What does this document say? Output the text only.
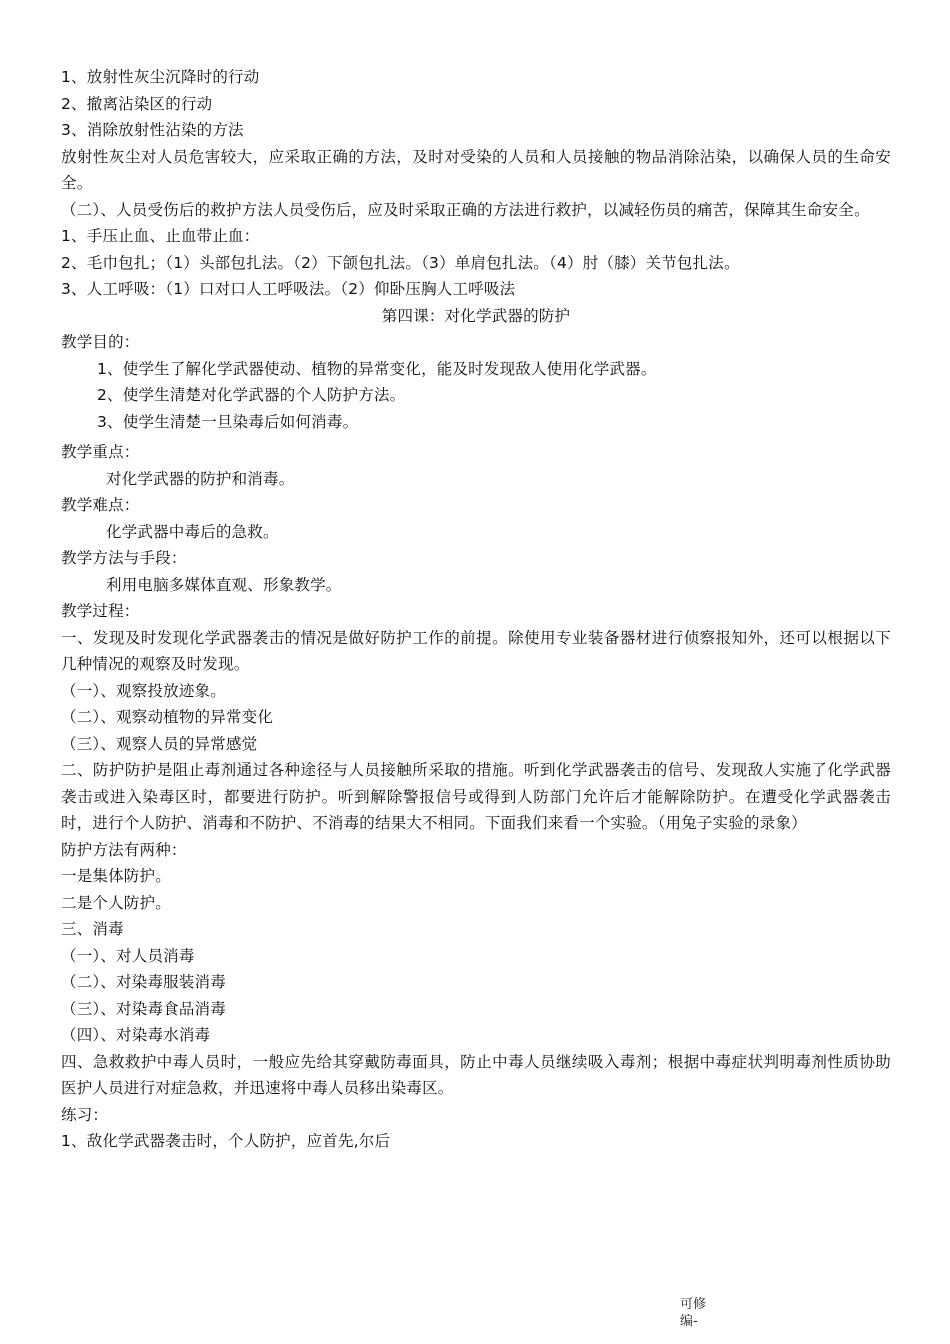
1、放射性灰尘沉降时的行动
2、撤离沾染区的行动
3、消除放射性沾染的方法
放射性灰尘对人员危害较大，应采取正确的方法，及时对受染的人员和人员接触的物品消除沾染，以确保人员的生命安全。
（二）、人员受伤后的救护方法人员受伤后，应及时采取正确的方法进行救护，以减轻伤员的痛苦，保障其生命安全。
1、手压止血、止血带止血：
2、毛巾包扎；（1）头部包扎法。（2）下颌包扎法。（3）单肩包扎法。（4）肘（膝）关节包扎法。
3、人工呼吸：（1）口对口人工呼吸法。（2）仰卧压胸人工呼吸法
第四课：对化学武器的防护
教学目的：
1、使学生了解化学武器使动、植物的异常变化，能及时发现敌人使用化学武器。
2、使学生清楚对化学武器的个人防护方法。
3、使学生清楚一旦染毒后如何消毒。
教学重点：
对化学武器的防护和消毒。
教学难点：
化学武器中毒后的急救。
教学方法与手段：
利用电脑多媒体直观、形象教学。
教学过程：
一、发现及时发现化学武器袭击的情况是做好防护工作的前提。除使用专业装备器材进行侦察报知外，还可以根据以下几种情况的观察及时发现。
（一）、观察投放迹象。
（二）、观察动植物的异常变化
（三）、观察人员的异常感觉
二、防护防护是阻止毒剂通过各种途径与人员接触所采取的措施。听到化学武器袭击的信号、发现敌人实施了化学武器袭击或进入染毒区时，都要进行防护。听到解除警报信号或得到人防部门允许后才能解除防护。在遭受化学武器袭击时，进行个人防护、消毒和不防护、不消毒的结果大不相同。下面我们来看一个实验。（用兔子实验的录象）
防护方法有两种：
一是集体防护。
二是个人防护。
三、消毒
（一）、对人员消毒
（二）、对染毒服装消毒
（三）、对染毒食品消毒
（四）、对染毒水消毒
四、急救救护中毒人员时，一般应先给其穿戴防毒面具，防止中毒人员继续吸入毒剂；根据中毒症状判明毒剂性质协助医护人员进行对症急救，并迅速将中毒人员移出染毒区。
练习：
1、敌化学武器袭击时，个人防护，应首先,尔后
可修
编-
